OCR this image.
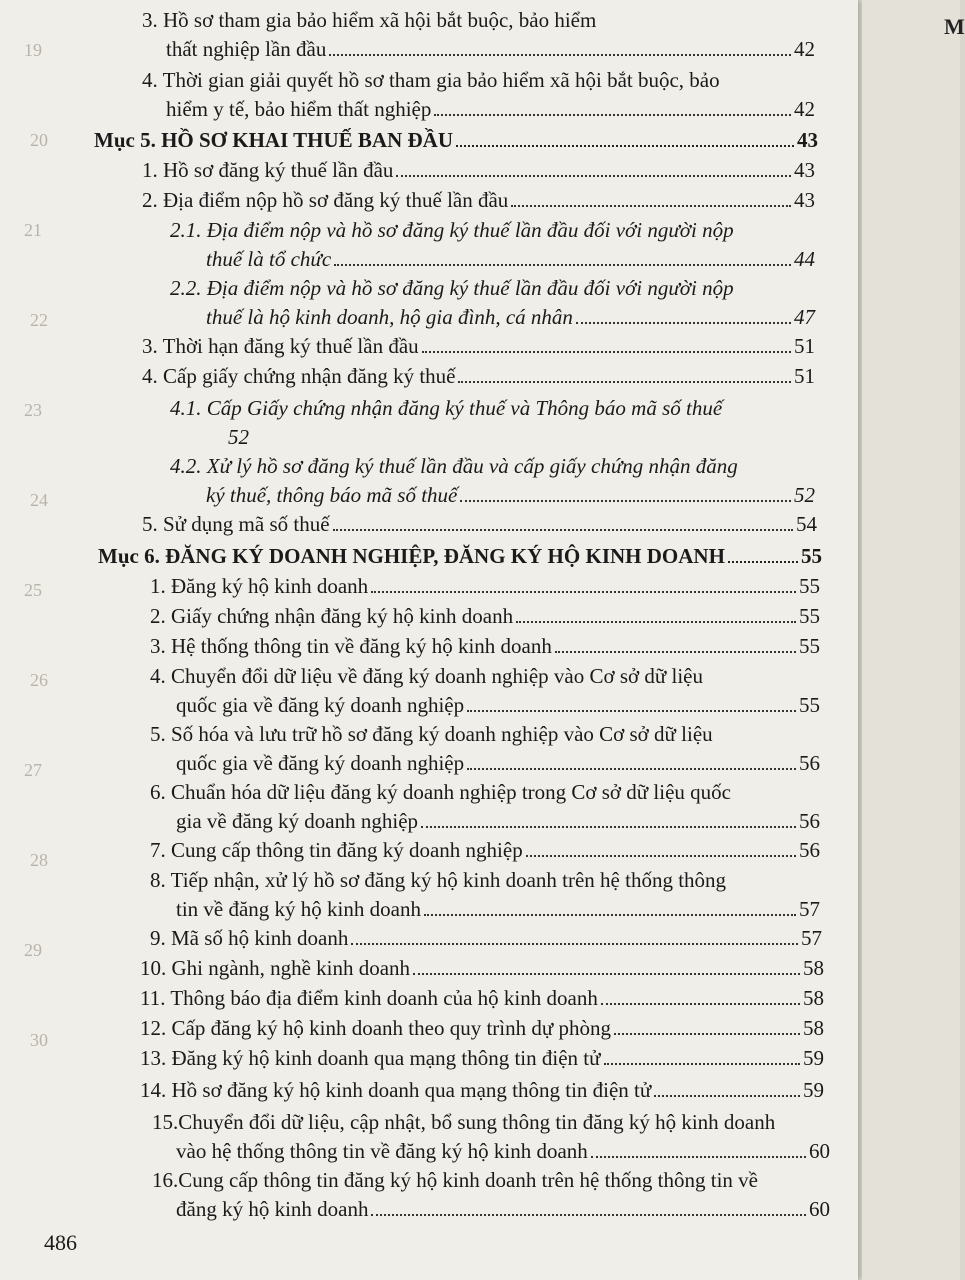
3. Hồ sơ tham gia bảo hiểm xã hội bắt buộc, bảo hiểm
thất nghiệp lần đầu	42
4. Thời gian giải quyết hồ sơ tham gia bảo hiểm xã hội bắt buộc, bảo
hiểm y tế, bảo hiểm thất nghiệp	42
Mục 5. HỒ SƠ KHAI THUẾ BAN ĐẦU	43
1. Hồ sơ đăng ký thuế lần đầu	43
2. Địa điểm nộp hồ sơ đăng ký thuế lần đầu	43
2.1. Địa điểm nộp và hồ sơ đăng ký thuế lần đầu đối với người nộp
thuế là tổ chức	44
2.2. Địa điểm nộp và hồ sơ đăng ký thuế lần đầu đối với người nộp
thuế là hộ kinh doanh, hộ gia đình, cá nhân	47
3. Thời hạn đăng ký thuế lần đầu	51
4. Cấp giấy chứng nhận đăng ký thuế	51
4.1. Cấp Giấy chứng nhận đăng ký thuế và Thông báo mã số thuế
52
4.2. Xử lý hồ sơ đăng ký thuế lần đầu và cấp giấy chứng nhận đăng
ký thuế, thông báo mã số thuế	52
5. Sử dụng mã số thuế	54
Mục 6. ĐĂNG KÝ DOANH NGHIỆP, ĐĂNG KÝ HỘ KINH DOANH	55
1. Đăng ký hộ kinh doanh	55
2. Giấy chứng nhận đăng ký hộ kinh doanh	55
3. Hệ thống thông tin về đăng ký hộ kinh doanh	55
4. Chuyển đổi dữ liệu về đăng ký doanh nghiệp vào Cơ sở dữ liệu
quốc gia về đăng ký doanh nghiệp	55
5. Số hóa và lưu trữ hồ sơ đăng ký doanh nghiệp vào Cơ sở dữ liệu
quốc gia về đăng ký doanh nghiệp	56
6. Chuẩn hóa dữ liệu đăng ký doanh nghiệp trong Cơ sở dữ liệu quốc
gia về đăng ký doanh nghiệp	56
7. Cung cấp thông tin đăng ký doanh nghiệp	56
8. Tiếp nhận, xử lý hồ sơ đăng ký hộ kinh doanh trên hệ thống thông
tin về đăng ký hộ kinh doanh	57
9. Mã số hộ kinh doanh	57
10. Ghi ngành, nghề kinh doanh	58
11. Thông báo địa điểm kinh doanh của hộ kinh doanh	58
12. Cấp đăng ký hộ kinh doanh theo quy trình dự phòng	58
13. Đăng ký hộ kinh doanh qua mạng thông tin điện tử	59
14. Hồ sơ đăng ký hộ kinh doanh qua mạng thông tin điện tử	59
15.Chuyển đổi dữ liệu, cập nhật, bổ sung thông tin đăng ký hộ kinh doanh
vào hệ thống thông tin về đăng ký hộ kinh doanh	60
16.Cung cấp thông tin đăng ký hộ kinh doanh trên hệ thống thông tin về
đăng ký hộ kinh doanh	60
486
19
20
21
22
23
24
25
26
27
28
29
30
M
